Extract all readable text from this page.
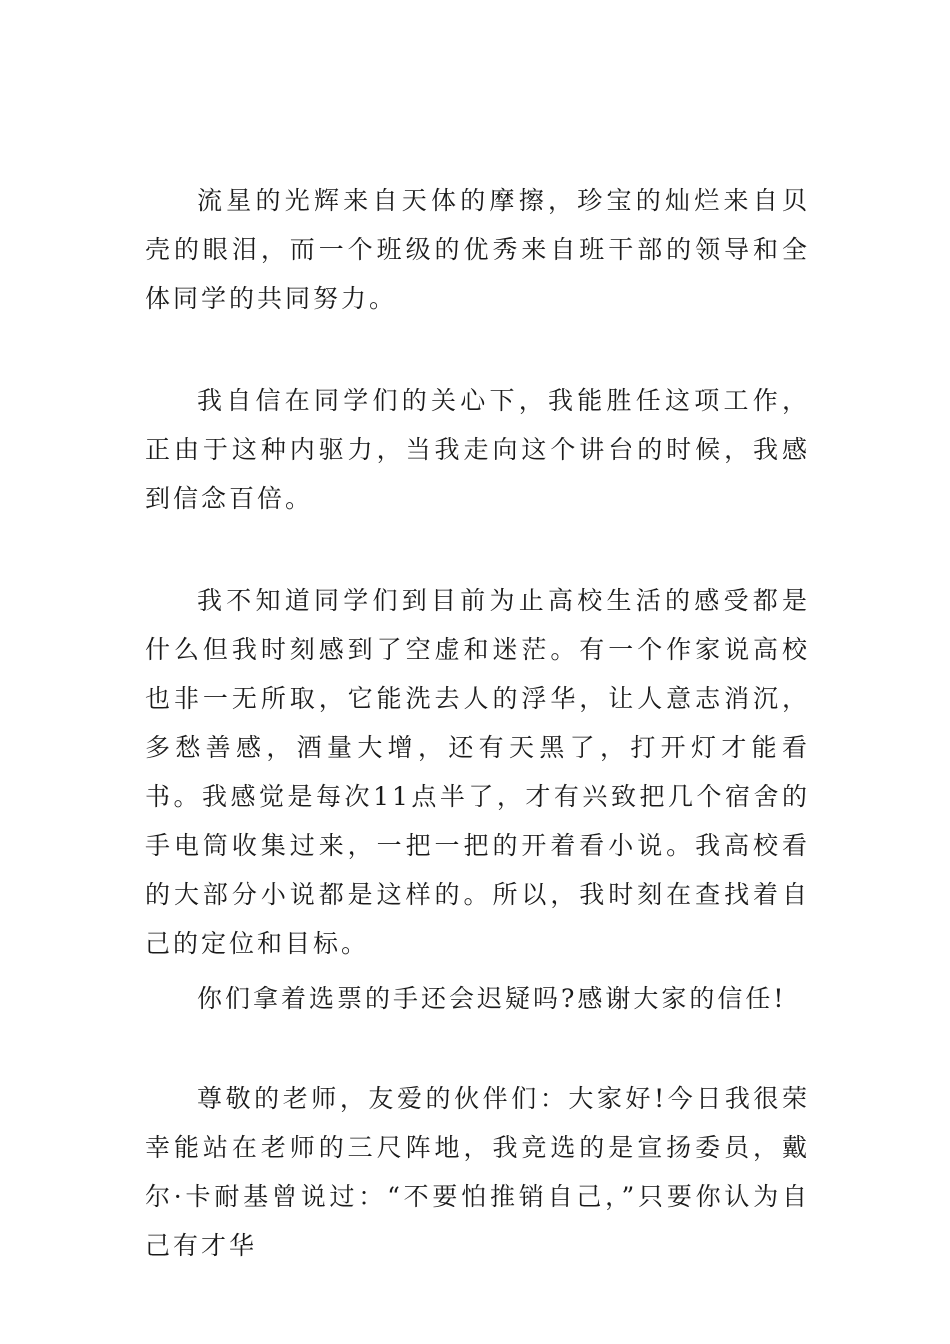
流星的光辉来自天体的摩擦，珍宝的灿烂来自贝壳的眼泪，而一个班级的优秀来自班干部的领导和全体同学的共同努力。

我自信在同学们的关心下，我能胜任这项工作，正由于这种内驱力，当我走向这个讲台的时候，我感到信念百倍。

我不知道同学们到目前为止高校生活的感受都是什么但我时刻感到了空虚和迷茫。有一个作家说高校也非一无所取，它能洗去人的浮华，让人意志消沉，多愁善感，酒量大增，还有天黑了，打开灯才能看书。我感觉是每次11点半了，才有兴致把几个宿舍的手电筒收集过来，一把一把的开着看小说。我高校看的大部分小说都是这样的。所以，我时刻在查找着自己的定位和目标。

你们拿着选票的手还会迟疑吗?感谢大家的信任!

尊敬的老师，友爱的伙伴们：大家好!今日我很荣幸能站在老师的三尺阵地，我竞选的是宣扬委员，戴尔·卡耐基曾说过：“不要怕推销自己，”只要你认为自己有才华
